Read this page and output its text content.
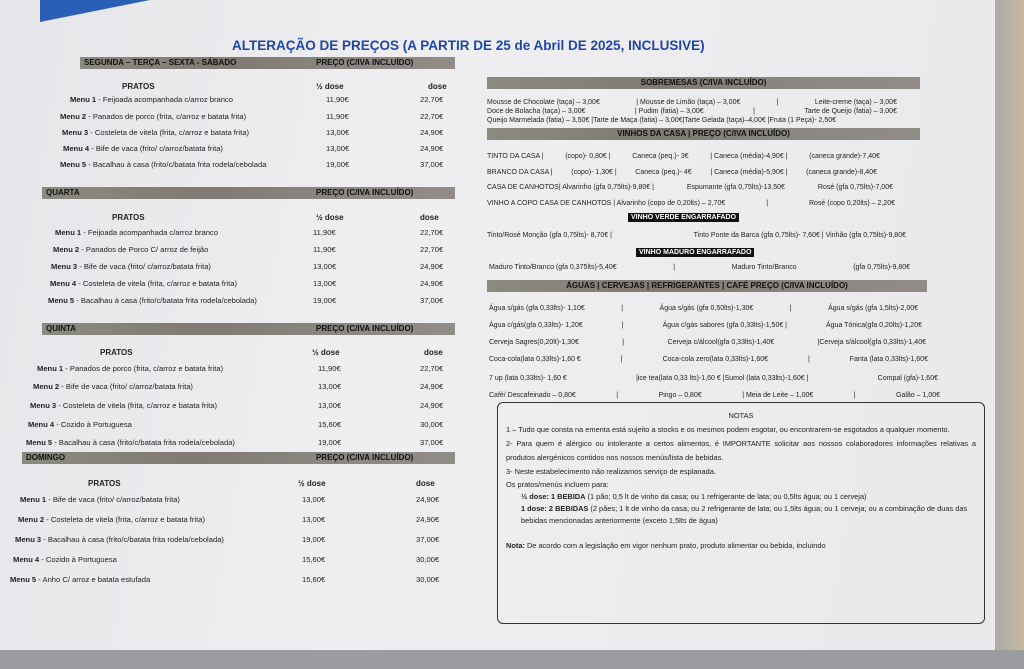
ALTERAÇÃO DE PREÇOS (A PARTIR DE 25 de Abril DE 2025, INCLUSIVE)
SEGUNDA – TERÇA – SEXTA - SÁBADO	PREÇO (C/IVA INCLUÍDO)
PRATOS	½ dose	dose
Menu 1 - Feijoada acompanhada c/arroz branco	11,90€	22,70€
Menu 2 - Panados de porco (frita, c/arroz e batata frita)	11,90€	22,70€
Menu 3 - Costeleta de vitela (frita, c/arroz e batata frita)	13,00€	24,90€
Menu 4 - Bife de vaca (frito/ c/arroz/batata frita)	13,00€	24,90€
Menu 5 - Bacalhau à casa (frito/c/batata frita rodela/cebolada	19,00€	37,00€
QUARTA	PREÇO (C/IVA INCLUÍDO)
PRATOS	½ dose	dose
Menu 1 - Feijoada acompanhada c/arroz branco	11,90€	22,70€
Menu 2 - Panados de Porco C/ arroz de feijão	11,90€	22,70€
Menu 3 - Bife de vaca (frito/ c/arroz/batata frita)	13,00€	24,90€
Menu 4 - Costeleta de vitela (frita, c/arroz e batata frita)	13,00€	24,90€
Menu 5 - Bacalhau à casa (frito/c/batata frita rodela/cebolada)	19,00€	37,00€
QUINTA	PREÇO (C/IVA INCLUÍDO)
PRATOS	½ dose	dose
Menu 1 - Panados de porco (frita, c/arroz e batata frita)	11,90€	22,70€
Menu 2 - Bife de vaca (frito/ c/arroz/batata frita)	13,00€	24,90€
Menu 3 - Costeleta de vitela (frita, c/arroz e batata frita)	13,00€	24,90€
Menu 4 - Cozido à Portuguesa	15,60€	30,00€
Menu 5 - Bacalhau à casa (frito/c/batata frita rodela/cebolada)	19,00€	37,00€
DOMINGO	PREÇO (C/IVA INCLUÍDO)
PRATOS	½ dose	dose
Menu 1 - Bife de vaca (frito/ c/arroz/batata frita)	13,00€	24,90€
Menu 2 - Costeleta de vitela (frita, c/arroz e batata frita)	13,00€	24,90€
Menu 3 - Bacalhau à casa (frito/c/batata frita rodela/cebolada)	19,00€	37,00€
Menu 4 - Cozido à Portuguesa	15,60€	30,00€
Menu 5 - Anho C/ arroz e batata estufada	15,60€	30,00€
SOBREMESAS (C/IVA INCLUÍDO)
Mousse de Chocolate (taça) – 3,00€	| Mousse de Limão (taça) – 3,00€	|	Leite-creme (taça) – 3,00€
Doce de Bolacha (taça) – 3,00€	| Pudim (fatia) – 3,00€	|	Tarte de Queijo (fatia) – 3,00€
Queijo Marmelada (fatia) – 3,50€ |Tarte de Maça (fatia) – 3,00€|Tarte Gelada (taça)–4,00€ |Fruta (1 Peça)- 2,50€
VINHOS DA CASA | PREÇO (C/IVA INCLUÍDO)
TINTO DA CASA |	(copo)- 0,80€ |	Caneca (peq.)- 3€	| Caneca (média)-4,90€ |	(caneca grande)-7,40€
BRANCO DA CASA |	(copo)- 1,30€ |	Caneca (peq.)- 4€	| Caneca (média)-5,90€ |	(caneca grande)-8,40€
CASA DE CANHOTOS| Alvarinho (gfa 0,75lts)-9,80€ |	Espumante (gfa 0,75lts)-13.50€	Rosé (gfa 0,75lts)-7,00€
VINHO A COPO CASA DE CANHOTOS | Alvarinho (copo de 0,20lts) – 2,70€	|	Rosé (copo 0,20lts) – 2,20€
VINHO VERDE ENGARRAFADO
Tinto/Rosé Monção (gfa 0,75lts)- 8,70€ |	Tinto Ponte da Barca (gfa 0,75lts)- 7,60€ | Vinhão (gfa 0,75lts)-9,80€
VINHO MADURO ENGARRAFADO
Maduro Tinto/Branco (gfa 0,375lts)-5,40€	|	Maduro Tinto/Branco	(gfa 0,75lts)-9,80€
ÁGUAS | CERVEJAS | REFRIGERANTES | CAFÉ PREÇO (C/IVA INCLUÍDO)
Água s/gás (gfa 0,33lts)- 1,10€	|	Água s/gás (gfa 0,50lts)-1,30€	|	Água s/gás (gfa 1,5lts)-2,00€
Água c/gás(gfa 0,33lts)- 1,20€	|	Água c/gás sabores (gfa 0,33lts)-1,50€ |	Água Tónica(gfa 0,20lts)-1,20€
Cerveja Sagres(0,20lt)-1,30€	|	Cerveja c/álcool(gfa 0,33lts)-1,40€	|Cerveja s/álcool(gfa 0,33lts)-1,40€
Coca-cola(lata 0,33lts)-1,60 €	|	Coca-cola zero(lata 0,33lts)-1,60€	|	Fanta (lata 0,33lts)-1,60€
7 up (lata 0,33lts)- 1,60 €	|ice tea(lata 0,33 lts)-1,60 € |Sumol (lata 0,33lts)-1,60€ |	Compal (gfa)-1,60€
Café/ Descafeinado – 0,80€	|	Pingo – 0,80€	| Meia de Leite – 1,00€	|	Galão – 1,00€

NOTAS

1 – Tudo que consta na ementa está sujeito a stocks e os mesmos podem esgotar, ou encontrarem-se esgotados a qualquer momento.

2- Para quem é alérgico ou intolerante a certos alimentos, é IMPORTANTE solicitar aos nossos colaboradores informações relativas a produtos alergénicos contidos nos nossos menús/lista de bebidas.

3- Neste estabelecimento não realizamos serviço de esplanada.

Os pratos/menús incluem para:

½ dose: 1 BEBIDA (1 pão; 0,5 lt de vinho da casa; ou 1 refrigerante de lata; ou 0,5lts água; ou 1 cerveja)

1 dose: 2 BEBIDAS (2 pães; 1 lt de vinho da casa; ou 2 refrigerante de lata; ou 1,5lts água; ou 1 cerveja; ou a combinação de duas das bebidas mencionadas anteriormente (exceto 1,5lts de água)

Nota: De acordo com a legislação em vigor nenhum prato, produto alimentar ou bebida, incluindo
